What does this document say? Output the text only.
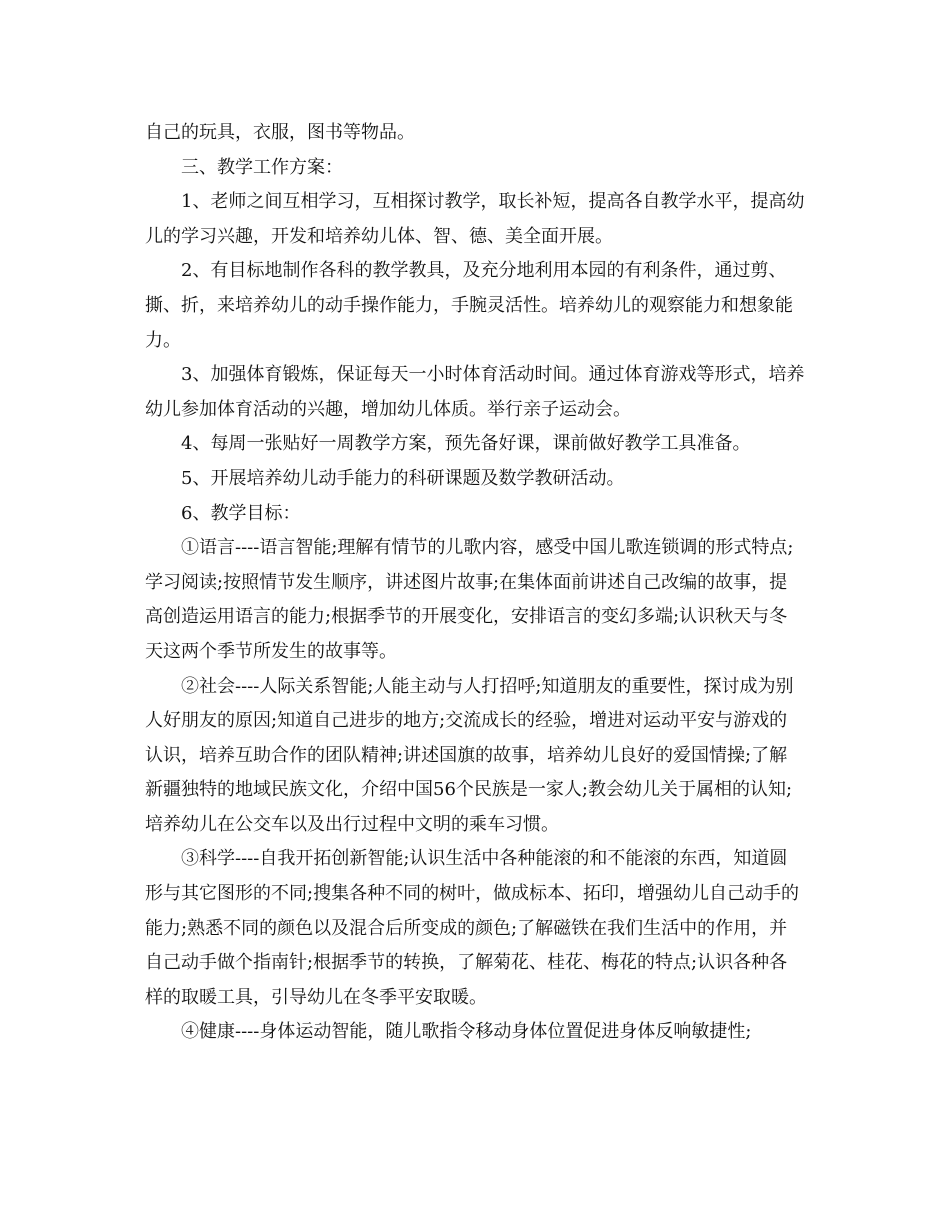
自己的玩具，衣服，图书等物品。

三、教学工作方案：

1、老师之间互相学习，互相探讨教学，取长补短，提高各自教学水平，提高幼儿的学习兴趣，开发和培养幼儿体、智、德、美全面开展。

2、有目标地制作各科的教学教具，及充分地利用本园的有利条件，通过剪、撕、折，来培养幼儿的动手操作能力，手腕灵活性。培养幼儿的观察能力和想象能力。

3、加强体育锻炼，保证每天一小时体育活动时间。通过体育游戏等形式，培养幼儿参加体育活动的兴趣，增加幼儿体质。举行亲子运动会。

4、每周一张贴好一周教学方案，预先备好课，课前做好教学工具准备。

5、开展培养幼儿动手能力的科研课题及数学教研活动。

6、教学目标：

①语言----语言智能;理解有情节的儿歌内容，感受中国儿歌连锁调的形式特点;学习阅读;按照情节发生顺序，讲述图片故事;在集体面前讲述自己改编的故事，提高创造运用语言的能力;根据季节的开展变化，安排语言的变幻多端;认识秋天与冬天这两个季节所发生的故事等。

②社会----人际关系智能;人能主动与人打招呼;知道朋友的重要性，探讨成为别人好朋友的原因;知道自己进步的地方;交流成长的经验，增进对运动平安与游戏的认识，培养互助合作的团队精神;讲述国旗的故事，培养幼儿良好的爱国情操;了解新疆独特的地域民族文化，介绍中国56个民族是一家人;教会幼儿关于属相的认知;培养幼儿在公交车以及出行过程中文明的乘车习惯。

③科学----自我开拓创新智能;认识生活中各种能滚的和不能滚的东西，知道圆形与其它图形的不同;搜集各种不同的树叶，做成标本、拓印，增强幼儿自己动手的能力;熟悉不同的颜色以及混合后所变成的颜色;了解磁铁在我们生活中的作用，并自己动手做个指南针;根据季节的转换，了解菊花、桂花、梅花的特点;认识各种各样的取暖工具，引导幼儿在冬季平安取暖。

④健康----身体运动智能，随儿歌指令移动身体位置促进身体反响敏捷性;
